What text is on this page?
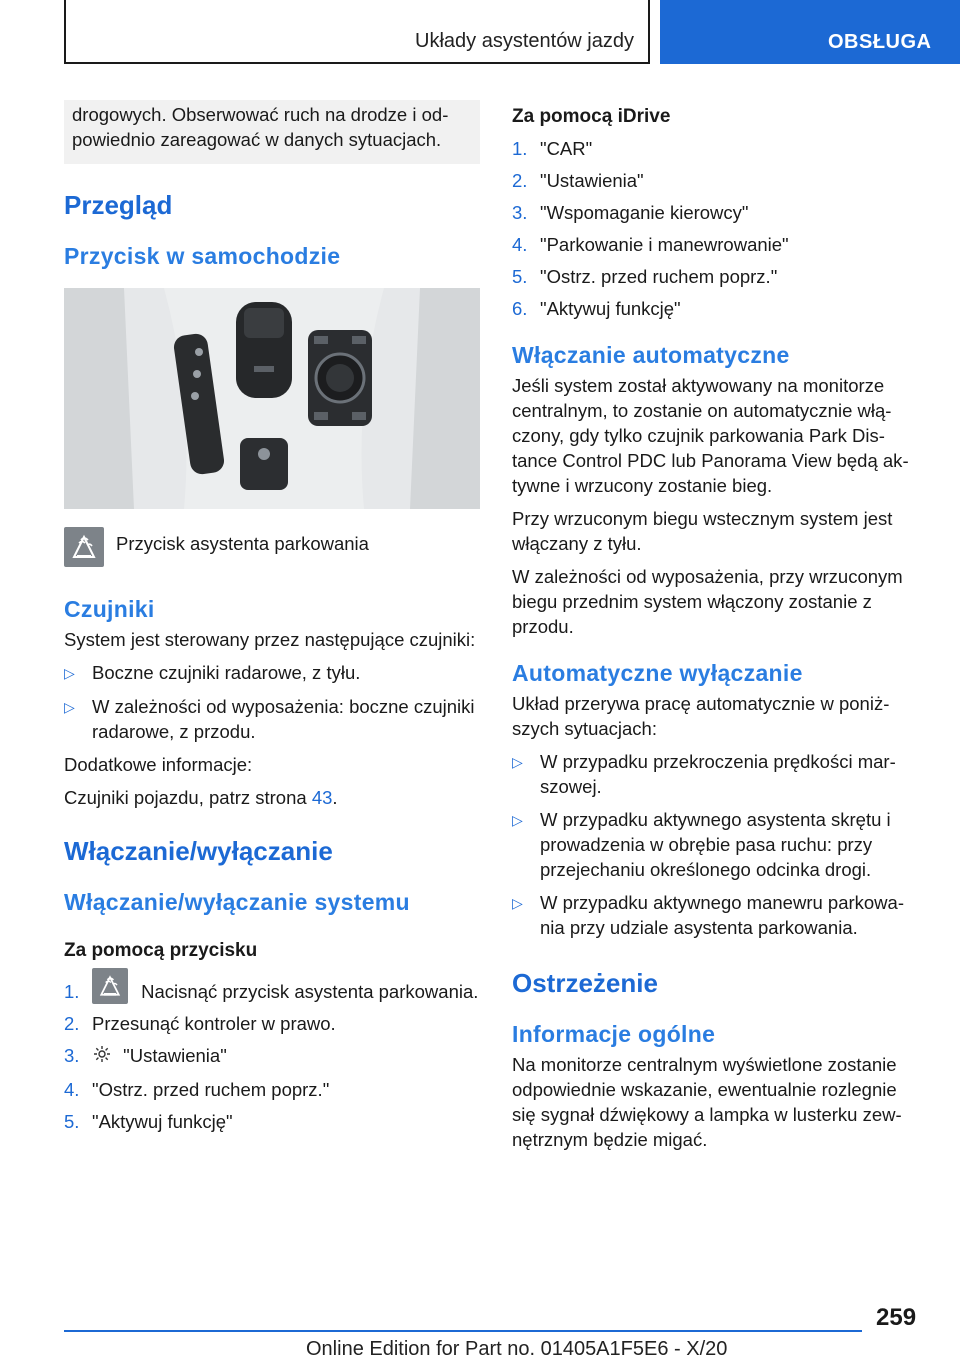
Układy asystentów jazdy	OBSŁUGA

drogowych. Obserwować ruch na drodze i odpowiednio zareagować w danych sytuacjach.

Przegląd
Przycisk w samochodzie
Przycisk asystenta parkowania
Czujniki

System jest sterowany przez następujące czujniki:

▷ Boczne czujniki radarowe, z tyłu.
▷ W zależności od wyposażenia: boczne czujniki radarowe, z przodu.

Dodatkowe informacje:

Czujniki pojazdu, patrz strona 43.

Włączanie/wyłączanie
Włączanie/wyłączanie systemu
Za pomocą przycisku
1.	Nacisnąć przycisk asystenta parkowania.
2. Przesunąć kontroler w prawo.
3.	"Ustawienia"
4. "Ostrz. przed ruchem poprz."
5. "Aktywuj funkcję"
Za pomocą iDrive
1. "CAR"
2. "Ustawienia"
3. "Wspomaganie kierowcy"
4. "Parkowanie i manewrowanie"
5. "Ostrz. przed ruchem poprz."
6. "Aktywuj funkcję"
Włączanie automatyczne

Jeśli system został aktywowany na monitorze centralnym, to zostanie on automatycznie włączony, gdy tylko czujnik parkowania Park Distance Control PDC lub Panorama View będą aktywne i wrzucony zostanie bieg.

Przy wrzuconym biegu wstecznym system jest włączany z tyłu.

W zależności od wyposażenia, przy wrzuconym biegu przednim system włączony zostanie z przodu.

Automatyczne wyłączanie

Układ przerywa pracę automatycznie w poniższych sytuacjach:

▷ W przypadku przekroczenia prędkości marszowej.
▷ W przypadku aktywnego asystenta skrętu i prowadzenia w obrębie pasa ruchu: przy przejechaniu określonego odcinka drogi.
▷ W przypadku aktywnego manewru parkowania przy udziale asystenta parkowania.
Ostrzeżenie
Informacje ogólne

Na monitorze centralnym wyświetlone zostanie odpowiednie wskazanie, ewentualnie rozlegnie się sygnał dźwiękowy a lampka w lusterku zewnętrznym będzie migać.

259
Online Edition for Part no. 01405A1F5E6 - X/20
